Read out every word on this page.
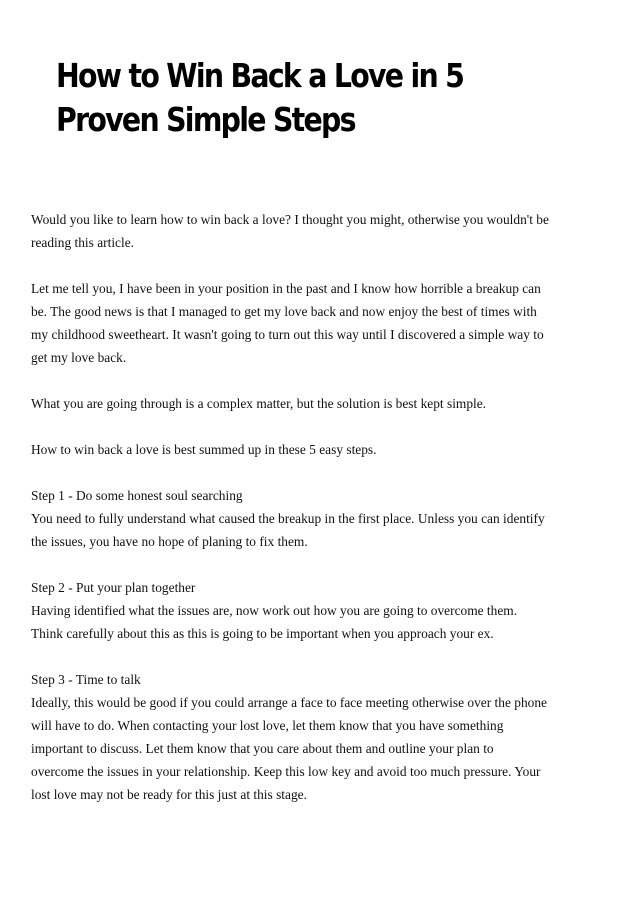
How to Win Back a Love in 5
Proven Simple Steps

Would you like to learn how to win back a love? I thought you might, otherwise you wouldn't be
reading this article.

Let me tell you, I have been in your position in the past and I know how horrible a breakup can
be. The good news is that I managed to get my love back and now enjoy the best of times with
my childhood sweetheart. It wasn't going to turn out this way until I discovered a simple way to
get my love back.

What you are going through is a complex matter, but the solution is best kept simple.

How to win back a love is best summed up in these 5 easy steps.

Step 1 - Do some honest soul searching
You need to fully understand what caused the breakup in the first place. Unless you can identify
the issues, you have no hope of planing to fix them.

Step 2 - Put your plan together
Having identified what the issues are, now work out how you are going to overcome them.
Think carefully about this as this is going to be important when you approach your ex.

Step 3 - Time to talk
Ideally, this would be good if you could arrange a face to face meeting otherwise over the phone
will have to do. When contacting your lost love, let them know that you have something
important to discuss. Let them know that you care about them and outline your plan to
overcome the issues in your relationship. Keep this low key and avoid too much pressure. Your
lost love may not be ready for this just at this stage.
